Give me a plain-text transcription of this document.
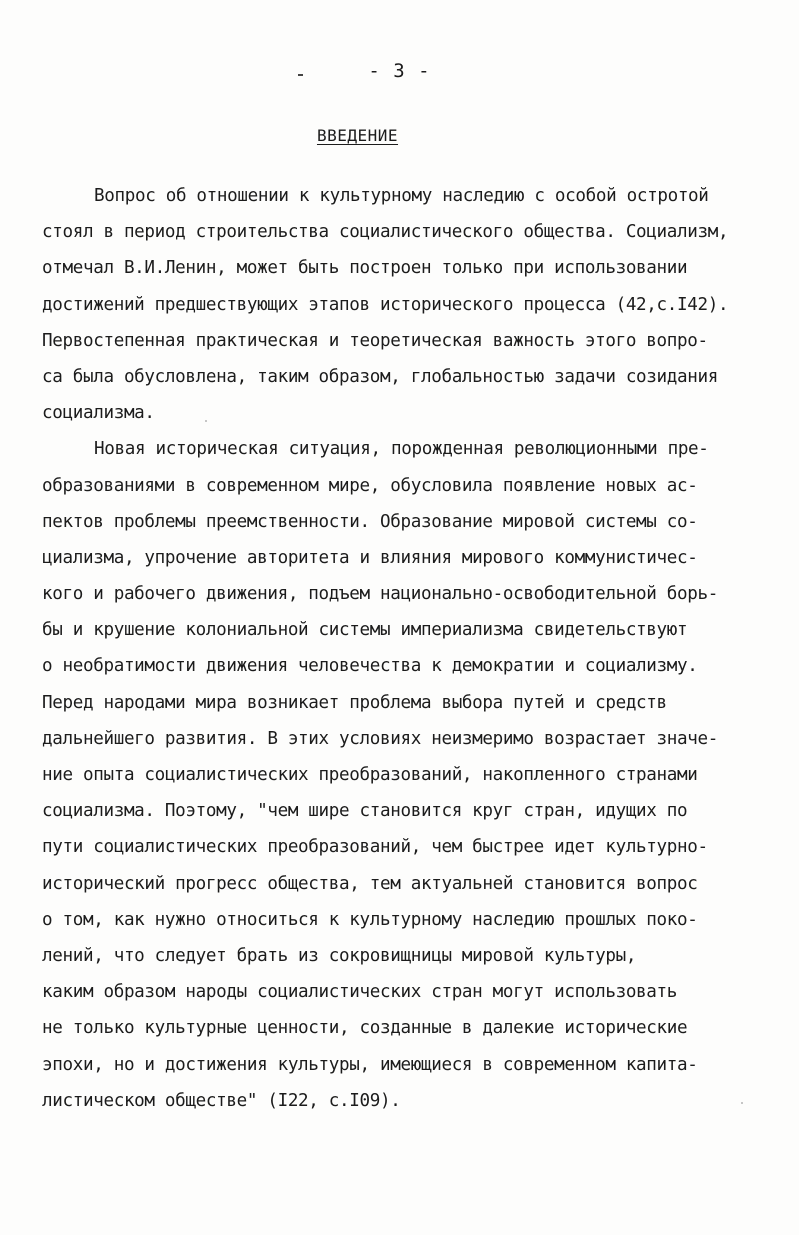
- 3 -
ВВЕДЕНИЕ
Вопрос об отношении к культурному наследию с особой остротой
стоял в период строительства социалистического общества. Социализм,
отмечал В.И.Ленин, может быть построен только при использовании
достижений предшествующих этапов исторического процесса (42,с.I42).
Первостепенная практическая и теоретическая важность этого вопро-
са была обусловлена, таким образом, глобальностью задачи созидания
социализма.
Новая историческая ситуация, порожденная революционными пре-
образованиями в современном мире, обусловила появление новых ас-
пектов проблемы преемственности. Образование мировой системы со-
циализма, упрочение авторитета и влияния мирового коммунистичес-
кого и рабочего движения, подъем национально-освободительной борь-
бы и крушение колониальной системы империализма свидетельствуют
о необратимости движения человечества к демократии и социализму.
Перед народами мира возникает проблема выбора путей и средств
дальнейшего развития. В этих условиях неизмеримо возрастает значе-
ние опыта социалистических преобразований, накопленного странами
социализма. Поэтому, "чем шире становится круг стран, идущих по
пути социалистических преобразований, чем быстрее идет культурно-
исторический прогресс общества, тем актуальней становится вопрос
о том, как нужно относиться к культурному наследию прошлых поко-
лений, что следует брать из сокровищницы мировой культуры,
каким образом народы социалистических стран могут использовать
не только культурные ценности, созданные в далекие исторические
эпохи, но и достижения культуры, имеющиеся в современном капита-
листическом обществе" (I22, с.I09).
